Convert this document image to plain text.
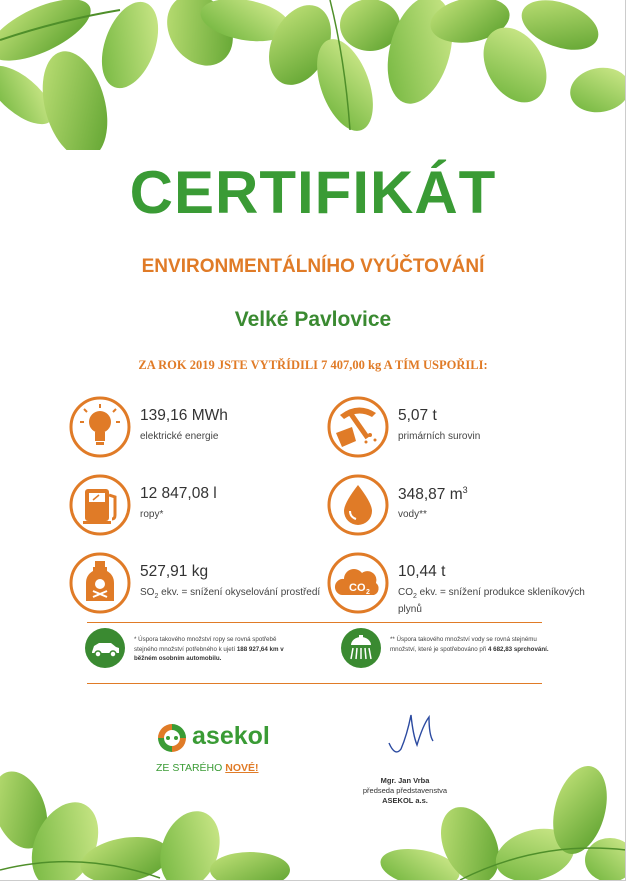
CERTIFIKÁT
ENVIRONMENTÁLNÍHO VYÚČTOVÁNÍ
Velké Pavlovice
ZA ROK 2019 JSTE VYTŘÍDILI 7 407,00 kg A TÍM USPOŘILI:
139,16 MWh
elektrické energie
5,07 t
primárních surovin
12 847,08 l
ropy*
348,87 $m^3$
vody**
527,91 kg
$SO_2$ ekv. = snížení okyselování prostředí	CO 2
10,44 t
$CO_2$ ekv. = snížení produkce skleníkových plynů
* Úspora takového množství ropy se rovná spotřebě stejného množství potřebného k ujetí 188 927,64 km v běžném osobním automobilu.
** Úspora takového množství vody se rovná stejnému množství, které je spotřebováno při 4 682,83 sprchování.
asekol
ZE STARÉHO NOVÉ!
Mgr. Jan Vrba
předseda představenstva
ASEKOL a.s.
